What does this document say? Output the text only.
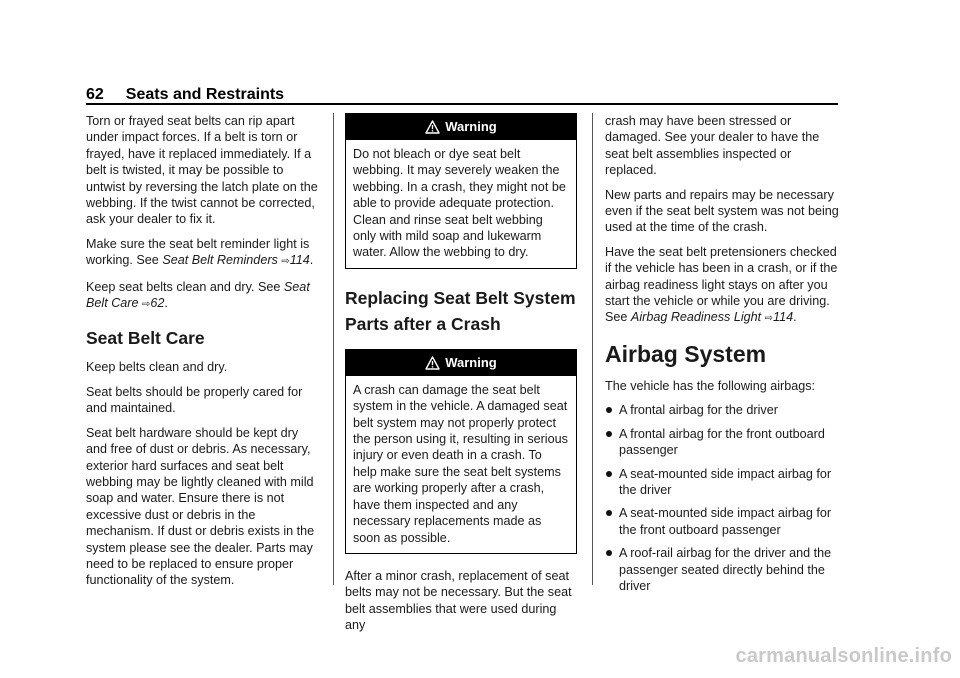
62 Seats and Restraints

Torn or frayed seat belts can rip apart under impact forces. If a belt is torn or frayed, have it replaced immediately. If a belt is twisted, it may be possible to untwist by reversing the latch plate on the webbing. If the twist cannot be corrected, ask your dealer to fix it.

Make sure the seat belt reminder light is working. See Seat Belt Reminders ⇨114.

Keep seat belts clean and dry. See Seat Belt Care ⇨62.

Seat Belt Care

Keep belts clean and dry.

Seat belts should be properly cared for and maintained.

Seat belt hardware should be kept dry and free of dust or debris. As necessary, exterior hard surfaces and seat belt webbing may be lightly cleaned with mild soap and water. Ensure there is not excessive dust or debris in the mechanism. If dust or debris exists in the system please see the dealer. Parts may need to be replaced to ensure proper functionality of the system.

Warning
Do not bleach or dye seat belt webbing. It may severely weaken the webbing. In a crash, they might not be able to provide adequate protection. Clean and rinse seat belt webbing only with mild soap and lukewarm water. Allow the webbing to dry.
Replacing Seat Belt System Parts after a Crash
Warning
A crash can damage the seat belt system in the vehicle. A damaged seat belt system may not properly protect the person using it, resulting in serious injury or even death in a crash. To help make sure the seat belt systems are working properly after a crash, have them inspected and any necessary replacements made as soon as possible.

After a minor crash, replacement of seat belts may not be necessary. But the seat belt assemblies that were used during any

crash may have been stressed or damaged. See your dealer to have the seat belt assemblies inspected or replaced.

New parts and repairs may be necessary even if the seat belt system was not being used at the time of the crash.

Have the seat belt pretensioners checked if the vehicle has been in a crash, or if the airbag readiness light stays on after you start the vehicle or while you are driving. See Airbag Readiness Light ⇨114.

Airbag System

The vehicle has the following airbags:

A frontal airbag for the driver
A frontal airbag for the front outboard passenger
A seat-mounted side impact airbag for the driver
A seat-mounted side impact airbag for the front outboard passenger
A roof-rail airbag for the driver and the passenger seated directly behind the driver
carmanualsonline.info
